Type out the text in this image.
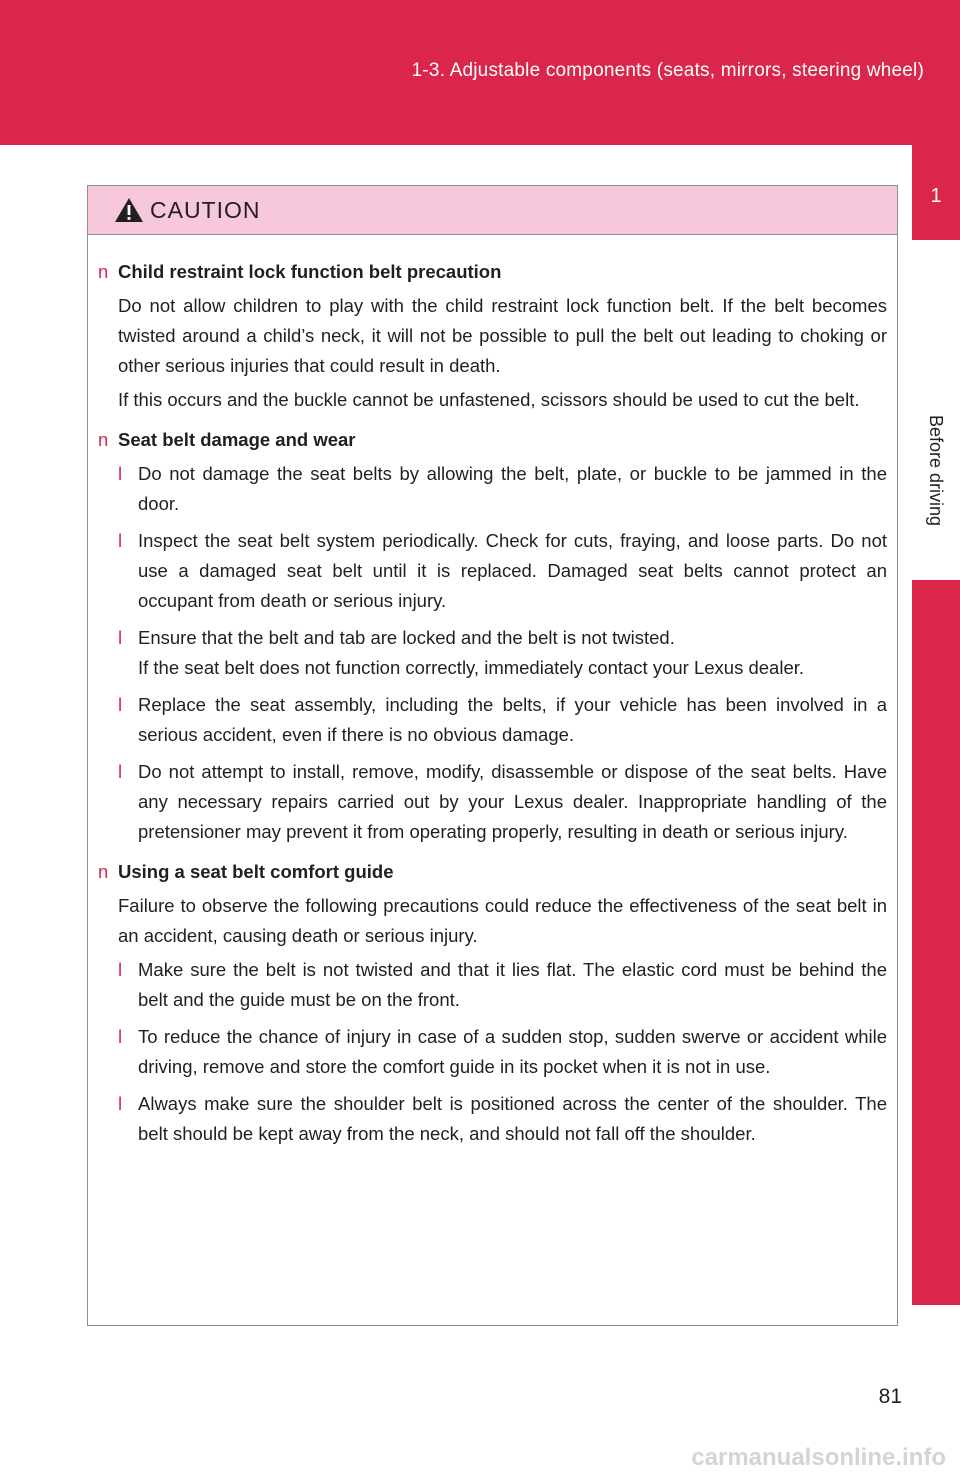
1-3. Adjustable components (seats, mirrors, steering wheel)
1
Before driving
CAUTION
n Child restraint lock function belt precaution
Do not allow children to play with the child restraint lock function belt. If the belt becomes twisted around a child’s neck, it will not be possible to pull the belt out leading to choking or other serious injuries that could result in death.
If this occurs and the buckle cannot be unfastened, scissors should be used to cut the belt.
n Seat belt damage and wear
l Do not damage the seat belts by allowing the belt, plate, or buckle to be jammed in the door.
l Inspect the seat belt system periodically. Check for cuts, fraying, and loose parts. Do not use a damaged seat belt until it is replaced. Damaged seat belts cannot protect an occupant from death or serious injury.
l Ensure that the belt and tab are locked and the belt is not twisted.
If the seat belt does not function correctly, immediately contact your Lexus dealer.
l Replace the seat assembly, including the belts, if your vehicle has been involved in a serious accident, even if there is no obvious damage.
l Do not attempt to install, remove, modify, disassemble or dispose of the seat belts. Have any necessary repairs carried out by your Lexus dealer. Inappropriate handling of the pretensioner may prevent it from operating properly, resulting in death or serious injury.
n Using a seat belt comfort guide
Failure to observe the following precautions could reduce the effectiveness of the seat belt in an accident, causing death or serious injury.
l Make sure the belt is not twisted and that it lies flat. The elastic cord must be behind the belt and the guide must be on the front.
l To reduce the chance of injury in case of a sudden stop, sudden swerve or accident while driving, remove and store the comfort guide in its pocket when it is not in use.
l Always make sure the shoulder belt is positioned across the center of the shoulder. The belt should be kept away from the neck, and should not fall off the shoulder.
81
carmanualsonline.info
